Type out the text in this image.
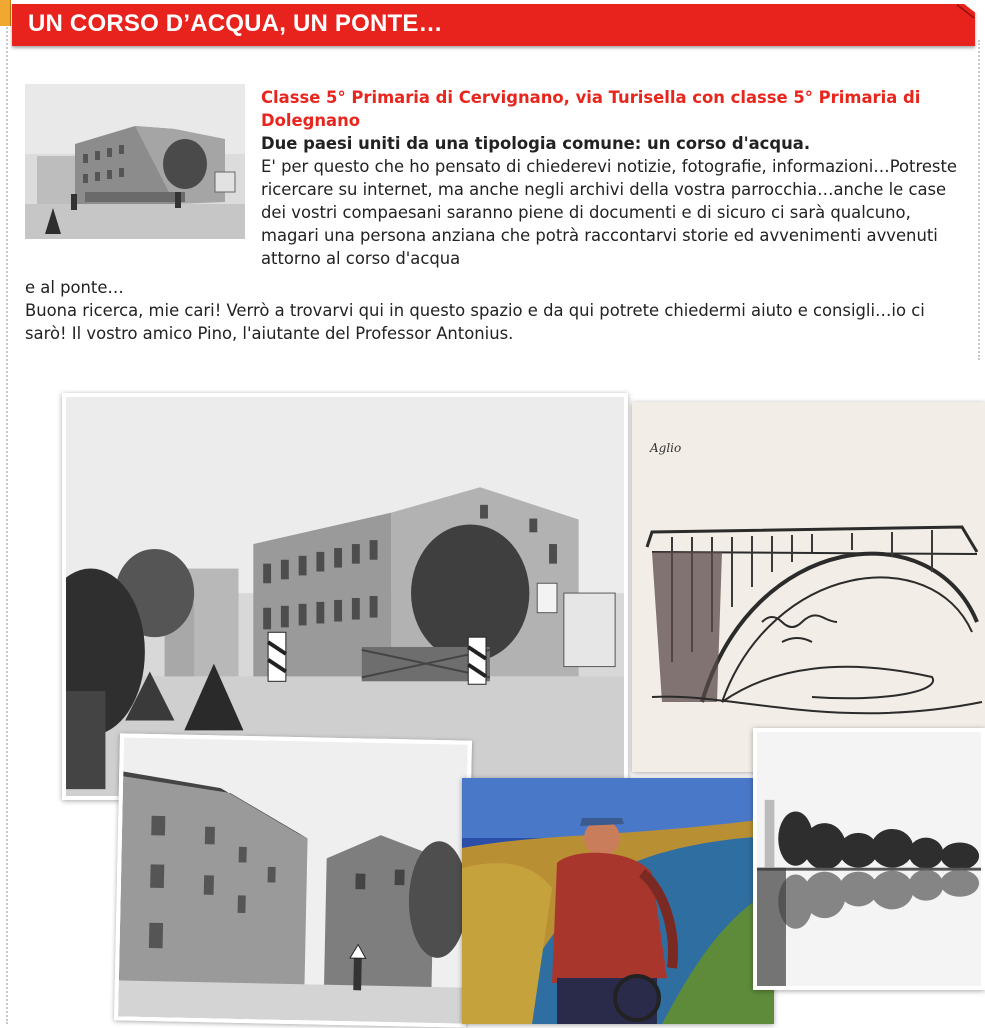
UN CORSO D’ACQUA, UN PONTE…

Classe 5° Primaria di Cervignano, via Turisella con classe 5° Primaria di Dolegnano

Due paesi uniti da una tipologia comune: un corso d'acqua.

E' per questo che ho pensato di chiederevi notizie, fotografie, informazioni…Potreste ricercare su internet, ma anche negli archivi della vostra parrocchia…anche le case dei vostri compaesani saranno piene di documenti e di sicuro ci sarà qualcuno, magari una persona anziana che potrà raccontarvi storie ed avvenimenti avvenuti attorno al corso d'acqua

e al ponte…

Buona ricerca, mie cari! Verrò a trovarvi qui in questo spazio e da qui potrete chiedermi aiuto e consigli…io ci sarò! Il vostro amico Pino, l'aiutante del Professor Antonius.

Aglio
